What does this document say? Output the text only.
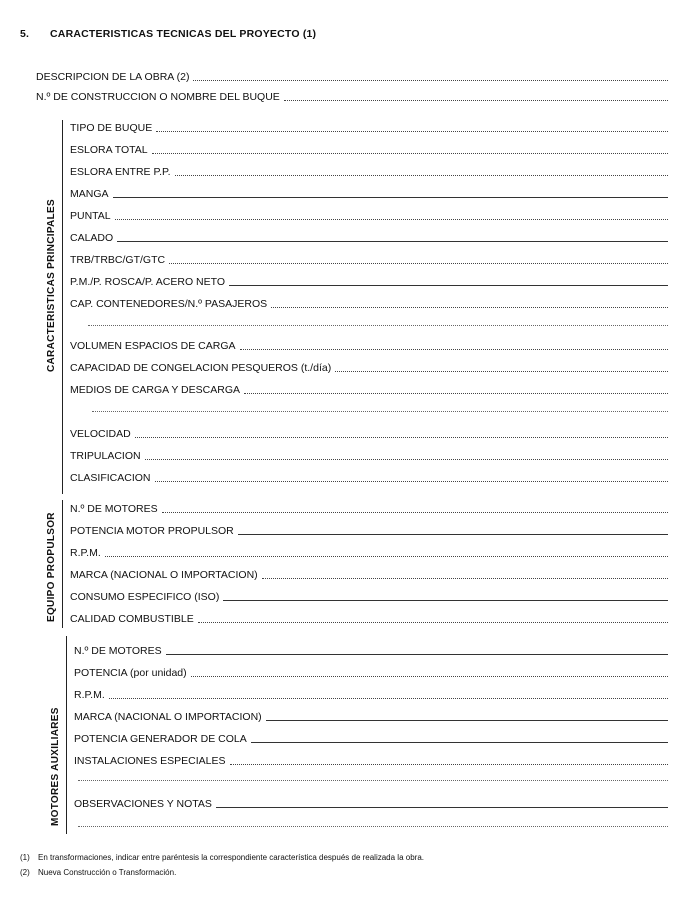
5. CARACTERISTICAS TECNICAS DEL PROYECTO (1)
DESCRIPCION DE LA OBRA (2)
N.º DE CONSTRUCCION O NOMBRE DEL BUQUE
CARACTERISTICAS PRINCIPALES
TIPO DE BUQUE
ESLORA TOTAL
ESLORA ENTRE P.P.
MANGA
PUNTAL
CALADO
TRB/TRBC/GT/GTC
P.M./P. ROSCA/P. ACERO NETO
CAP. CONTENEDORES/N.º PASAJEROS
VOLUMEN ESPACIOS DE CARGA
CAPACIDAD DE CONGELACION PESQUEROS (t./día)
MEDIOS DE CARGA Y DESCARGA
VELOCIDAD
TRIPULACION
CLASIFICACION
EQUIPO PROPULSOR
N.º DE MOTORES
POTENCIA MOTOR PROPULSOR
R.P.M.
MARCA (NACIONAL O IMPORTACION)
CONSUMO ESPECIFICO (ISO)
CALIDAD COMBUSTIBLE
MOTORES AUXILIARES
N.º DE MOTORES
POTENCIA (por unidad)
R.P.M.
MARCA (NACIONAL O IMPORTACION)
POTENCIA GENERADOR DE COLA
INSTALACIONES ESPECIALES
OBSERVACIONES Y NOTAS
(1) En transformaciones, indicar entre paréntesis la correspondiente característica después de realizada la obra.
(2) Nueva Construcción o Transformación.
